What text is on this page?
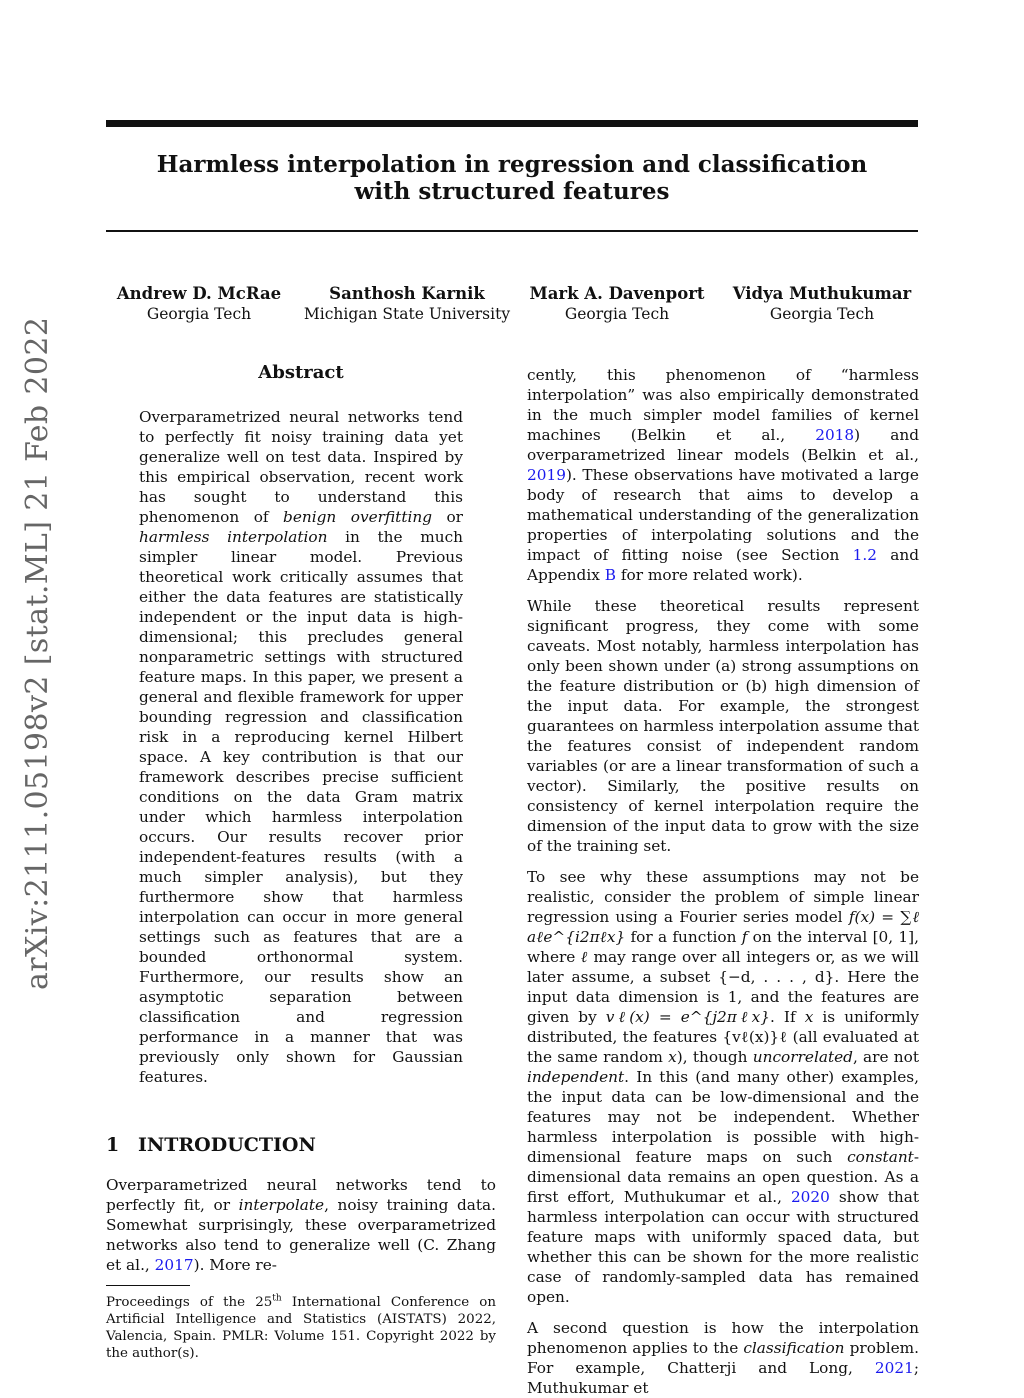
Harmless interpolation in regression and classification
with structured features
Andrew D. McRae
Georgia Tech
Santhosh Karnik
Michigan State University
Mark A. Davenport
Georgia Tech
Vidya Muthukumar
Georgia Tech
arXiv:2111.05198v2 [stat.ML] 21 Feb 2022	Abstract

Overparametrized neural networks tend to perfectly fit noisy training data yet generalize well on test data. Inspired by this empirical observation, recent work has sought to understand this phenomenon of benign overfitting or harmless interpolation in the much simpler linear model. Previous theoretical work critically assumes that either the data features are statistically independent or the input data is high-dimensional; this precludes general nonparametric settings with structured feature maps. In this paper, we present a general and flexible framework for upper bounding regression and classification risk in a reproducing kernel Hilbert space. A key contribution is that our framework describes precise sufficient conditions on the data Gram matrix under which harmless interpolation occurs. Our results recover prior independent-features results (with a much simpler analysis), but they furthermore show that harmless interpolation can occur in more general settings such as features that are a bounded orthonormal system. Furthermore, our results show an asymptotic separation between classification and regression performance in a manner that was previously only shown for Gaussian features.

1 INTRODUCTION

Overparametrized neural networks tend to perfectly fit, or interpolate, noisy training data. Somewhat surprisingly, these overparametrized networks also tend to generalize well (C. Zhang et al., 2017). More re-

Proceedings of the 25th International Conference on Artificial Intelligence and Statistics (AISTATS) 2022, Valencia, Spain. PMLR: Volume 151. Copyright 2022 by the author(s).

cently, this phenomenon of “harmless interpolation” was also empirically demonstrated in the much simpler model families of kernel machines (Belkin et al., 2018) and overparametrized linear models (Belkin et al., 2019). These observations have motivated a large body of research that aims to develop a mathematical understanding of the generalization properties of interpolating solutions and the impact of fitting noise (see Section 1.2 and Appendix B for more related work).

While these theoretical results represent significant progress, they come with some caveats. Most notably, harmless interpolation has only been shown under (a) strong assumptions on the feature distribution or (b) high dimension of the input data. For example, the strongest guarantees on harmless interpolation assume that the features consist of independent random variables (or are a linear transformation of such a vector). Similarly, the positive results on consistency of kernel interpolation require the dimension of the input data to grow with the size of the training set.

To see why these assumptions may not be realistic, consider the problem of simple linear regression using a Fourier series model f(x) = ∑ℓ aℓe^{i2πℓx} for a function f on the interval [0, 1], where ℓ may range over all integers or, as we will later assume, a subset {−d, . . . , d}. Here the input data dimension is 1, and the features are given by vℓ(x) = e^{j2πℓx}. If x is uniformly distributed, the features {vℓ(x)}ℓ (all evaluated at the same random x), though uncorrelated, are not independent. In this (and many other) examples, the input data can be low-dimensional and the features may not be independent. Whether harmless interpolation is possible with high-dimensional feature maps on such constant-dimensional data remains an open question. As a first effort, Muthukumar et al., 2020 show that harmless interpolation can occur with structured feature maps with uniformly spaced data, but whether this can be shown for the more realistic case of randomly-sampled data has remained open.

A second question is how the interpolation phenomenon applies to the classification problem. For example, Chatterji and Long, 2021; Muthukumar et
